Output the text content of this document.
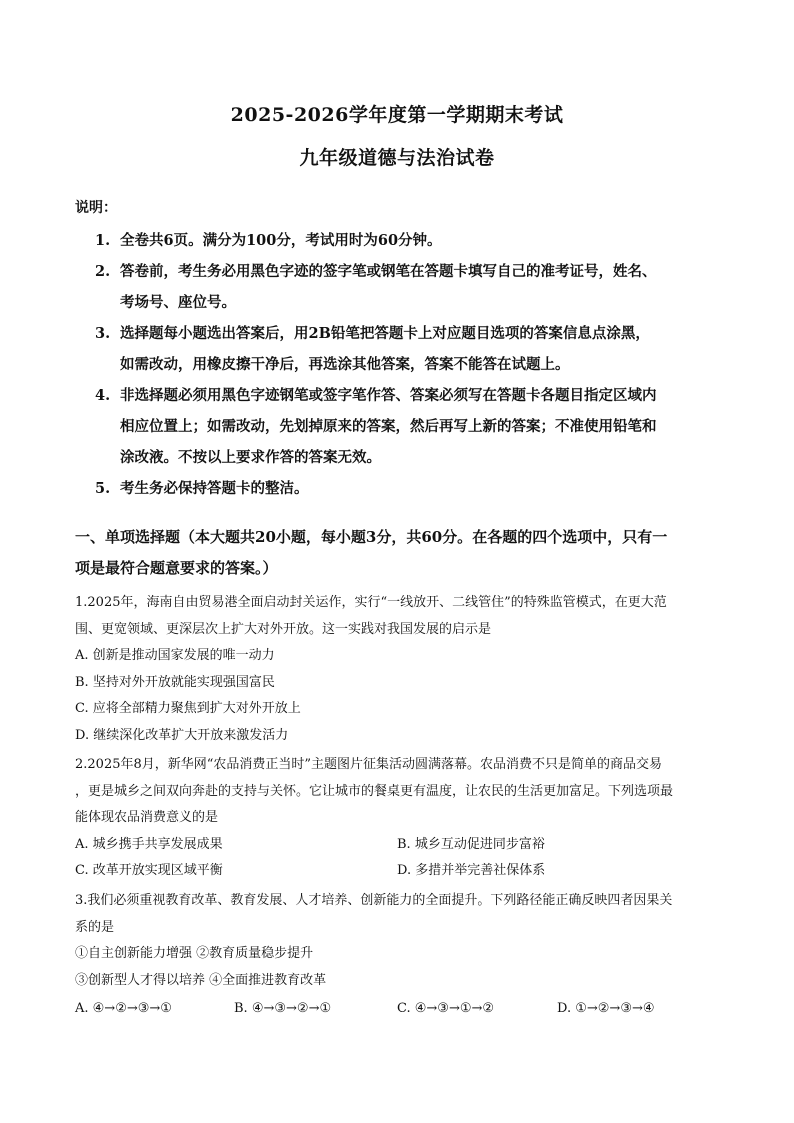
2025-2026学年度第一学期期末考试
九年级道德与法治试卷
说明：
1. 全卷共6页。满分为100分，考试用时为60分钟。
2. 答卷前，考生务必用黑色字迹的签字笔或钢笔在答题卡填写自己的准考证号，姓名、
考场号、座位号。
3. 选择题每小题选出答案后，用2B铅笔把答题卡上对应题目选项的答案信息点涂黑，
如需改动，用橡皮擦干净后，再选涂其他答案，答案不能答在试题上。
4. 非选择题必须用黑色字迹钢笔或签字笔作答、答案必须写在答题卡各题目指定区域内
相应位置上；如需改动，先划掉原来的答案，然后再写上新的答案；不准使用铅笔和
涂改液。不按以上要求作答的答案无效。
5. 考生务必保持答题卡的整洁。
一、单项选择题（本大题共20小题，每小题3分，共60分。在各题的四个选项中，只有一
项是最符合题意要求的答案。）
1.2025年，海南自由贸易港全面启动封关运作，实行“一线放开、二线管住”的特殊监管模式，在更大范
围、更宽领域、更深层次上扩大对外开放。这一实践对我国发展的启示是
A. 创新是推动国家发展的唯一动力
B. 坚持对外开放就能实现强国富民
C. 应将全部精力聚焦到扩大对外开放上
D. 继续深化改革扩大开放来激发活力
2.2025年8月，新华网“农品消费正当时”主题图片征集活动圆满落幕。农品消费不只是简单的商品交易
，更是城乡之间双向奔赴的支持与关怀。它让城市的餐桌更有温度，让农民的生活更加富足。下列选项最
能体现农品消费意义的是
A. 城乡携手共享发展成果	B. 城乡互动促进同步富裕
C. 改革开放实现区域平衡	D. 多措并举完善社保体系
3.我们必须重视教育改革、教育发展、人才培养、创新能力的全面提升。下列路径能正确反映四者因果关
系的是
①自主创新能力增强 ②教育质量稳步提升
③创新型人才得以培养 ④全面推进教育改革
A. ④→②→③→①	B. ④→③→②→①	C. ④→③→①→②	D. ①→②→③→④
